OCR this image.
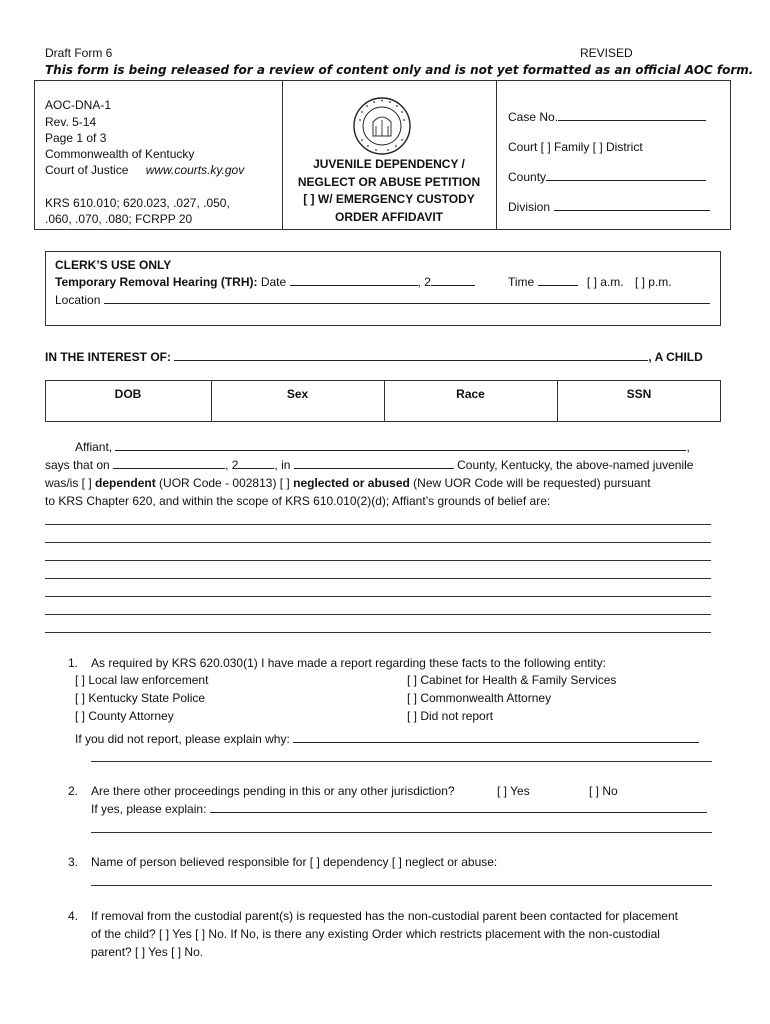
Draft Form 6	REVISED
This form is being released for a review of content only and is not yet formatted as an official AOC form.
AOC-DNA-1
Rev. 5-14
Page 1 of 3
Commonwealth of Kentucky
Court of Justice www.courts.ky.gov
KRS 610.010; 620.023, .027, .050,
.060, .070, .080; FCRPP 20
JUVENILE DEPENDENCY /
NEGLECT OR ABUSE PETITION
[ ] W/ EMERGENCY CUSTODY
ORDER AFFIDAVIT
Case No.
Court [ ] Family [ ] District
County
Division
CLERK’S USE ONLY
Temporary Removal Hearing (TRH): Date	, 2	Time	[ ] a.m. [ ] p.m.
Location
IN THE INTEREST OF:	, A CHILD
DOB	Sex	Race	SSN
Affiant,	,
says that on	, 2	, in	County, Kentucky, the above-named juvenile
was/is [ ] dependent (UOR Code - 002813) [ ] neglected or abused (New UOR Code will be requested) pursuant
to KRS Chapter 620, and within the scope of KRS 610.010(2)(d); Affiant’s grounds of belief are:
1. As required by KRS 620.030(1) I have made a report regarding these facts to the following entity:
[ ] Local law enforcement
[ ] Kentucky State Police
[ ] County Attorney
[ ] Cabinet for Health & Family Services
[ ] Commonwealth Attorney
[ ] Did not report
If you did not report, please explain why:
2. Are there other proceedings pending in this or any other jurisdiction?	[ ] Yes	[ ] No
If yes, please explain:
3. Name of person believed responsible for [ ] dependency [ ] neglect or abuse:
4. If removal from the custodial parent(s) is requested has the non-custodial parent been contacted for placement
of the child? [ ] Yes [ ] No. If No, is there any existing Order which restricts placement with the non-custodial
parent? [ ] Yes [ ] No.
